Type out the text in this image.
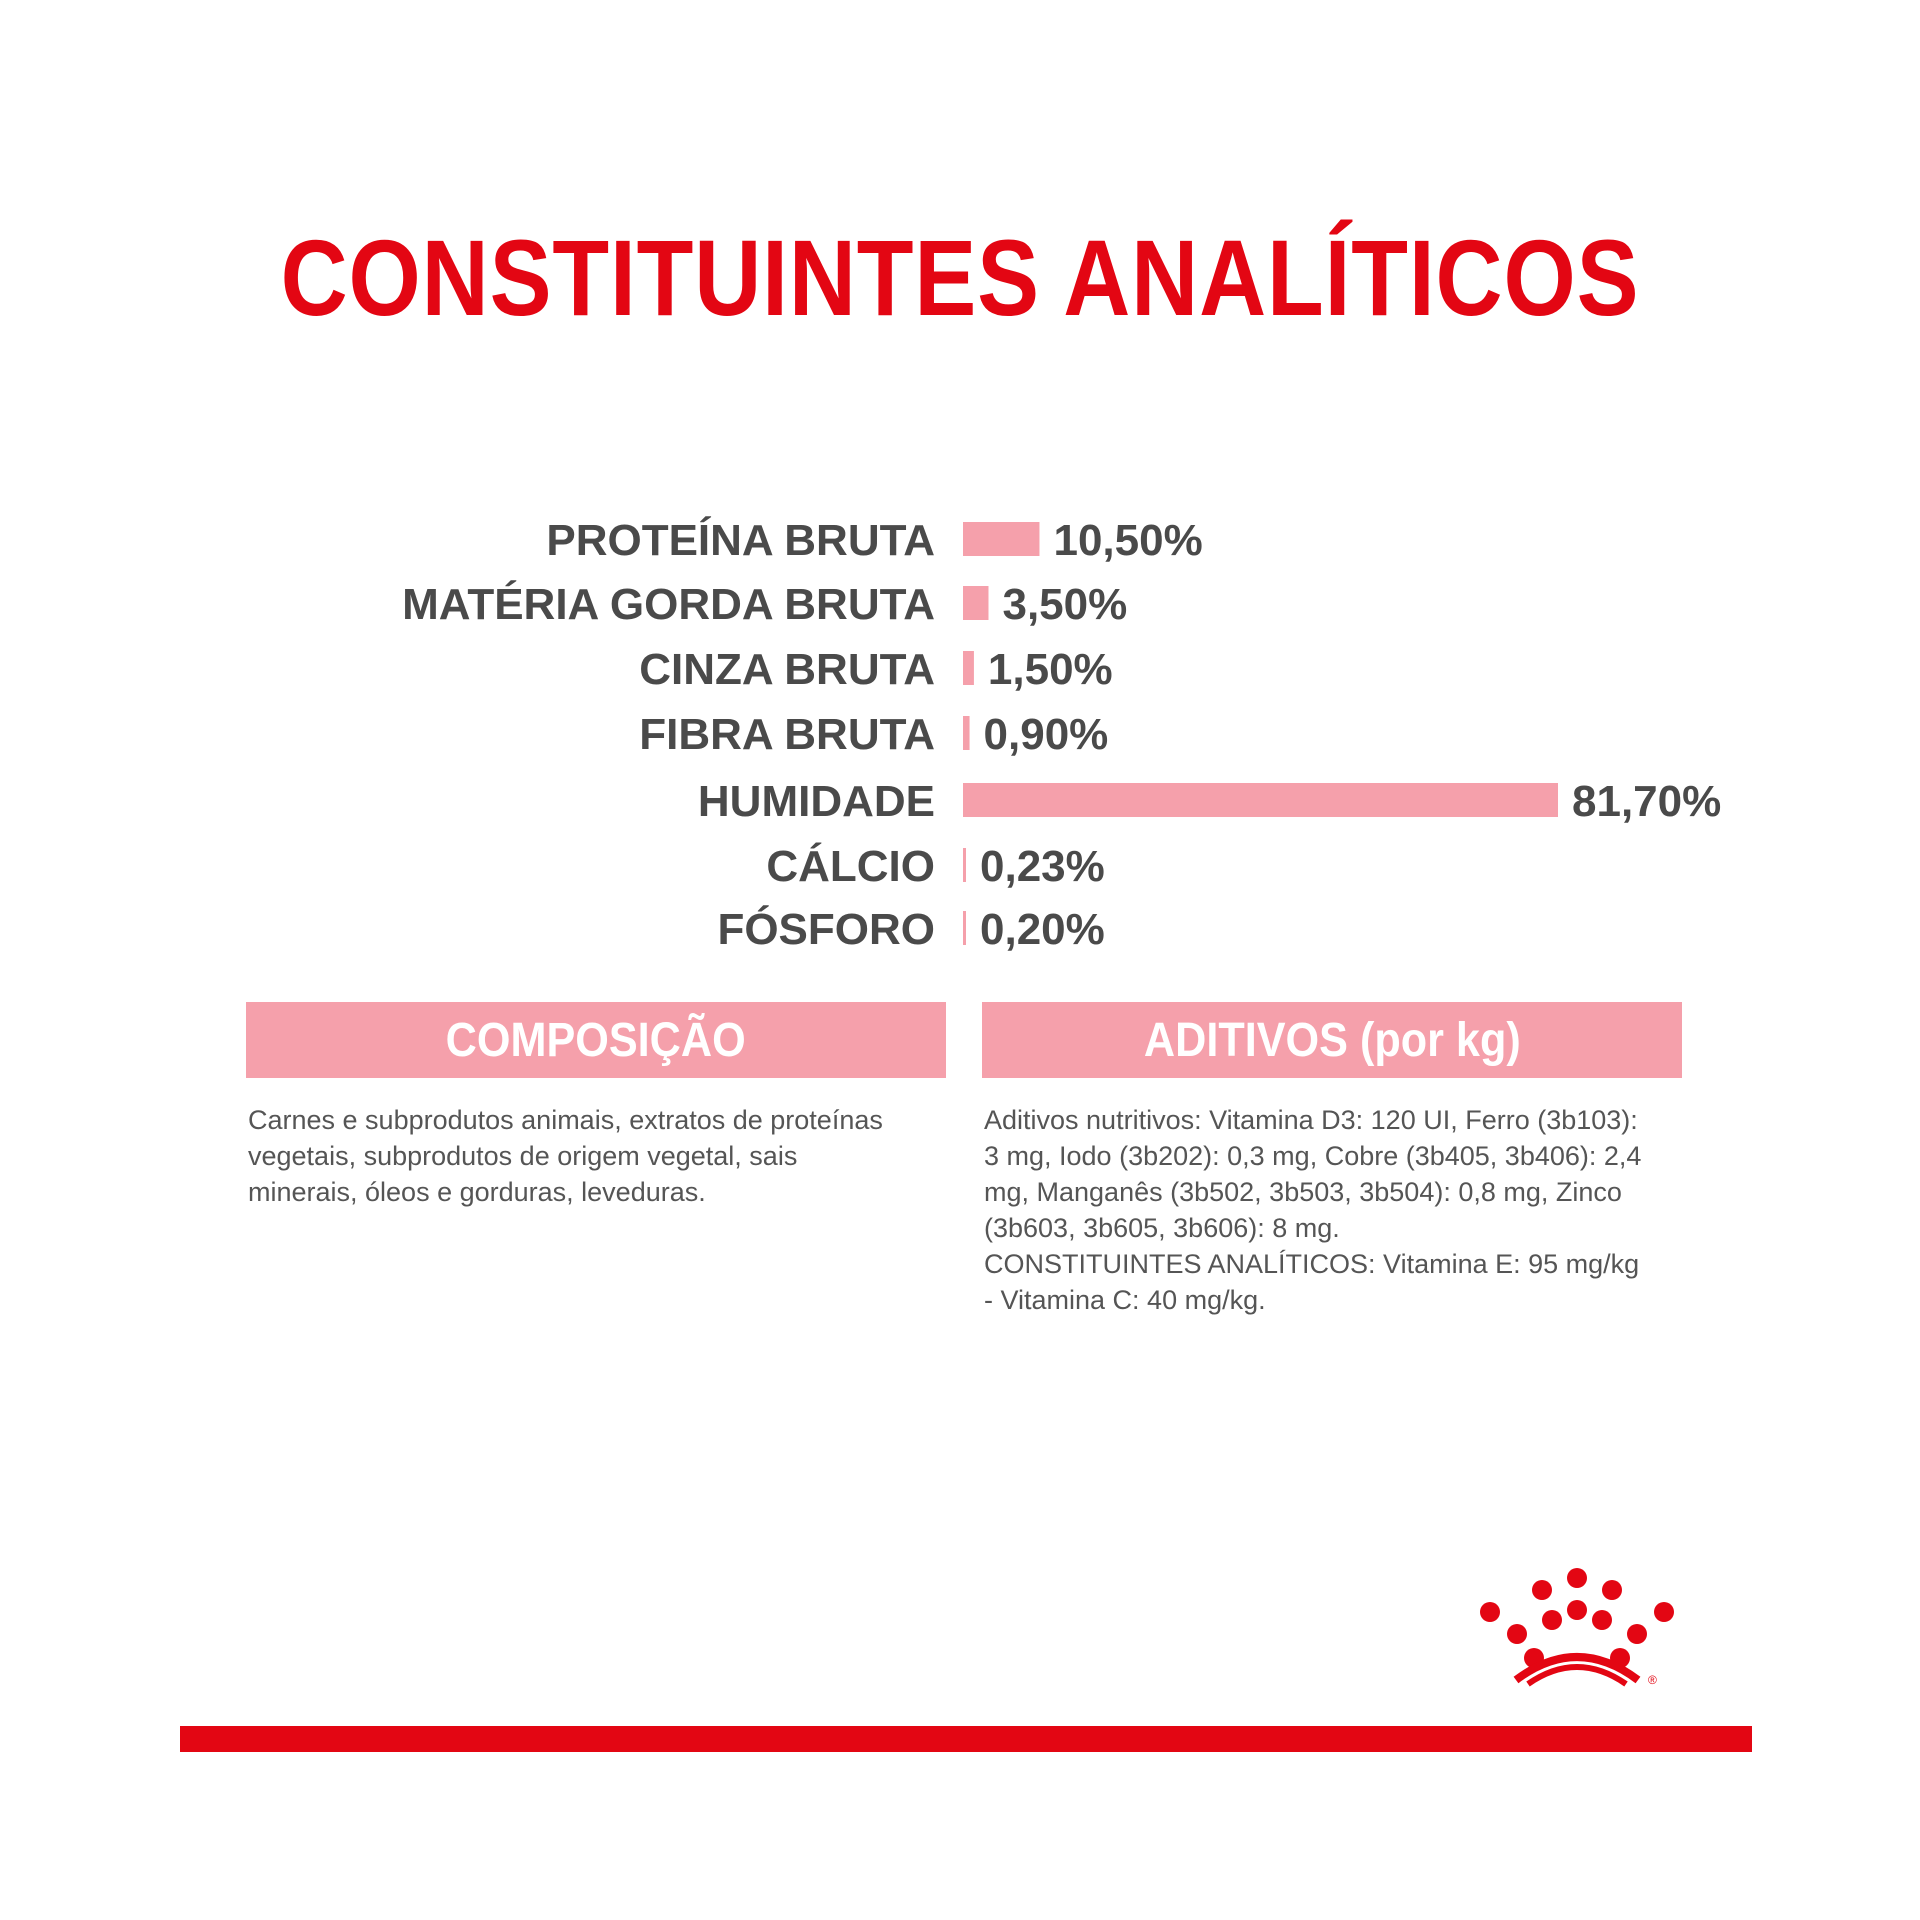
CONSTITUINTES ANALÍTICOS
PROTEÍNA BRUTA	10,50%
MATÉRIA GORDA BRUTA 3,50%
CINZA BRUTA 1,50%
FIBRA BRUTA 0,90%
HUMIDADE	81,70%
CÁLCIO 0,23%
FÓSFORO 0,20%
COMPOSIÇÃO	ADITIVOS (por kg)
Carnes e subprodutos animais, extratos de proteínas vegetais, subprodutos de origem vegetal, sais minerais, óleos e gorduras, leveduras.
Aditivos nutritivos: Vitamina D3: 120 UI, Ferro (3b103): 3 mg, Iodo (3b202): 0,3 mg, Cobre (3b405, 3b406): 2,4 mg, Manganês (3b502, 3b503, 3b504): 0,8 mg, Zinco (3b603, 3b605, 3b606): 8 mg.
CONSTITUINTES ANALÍTICOS: Vitamina E: 95 mg/kg - Vitamina C: 40 mg/kg.
®
